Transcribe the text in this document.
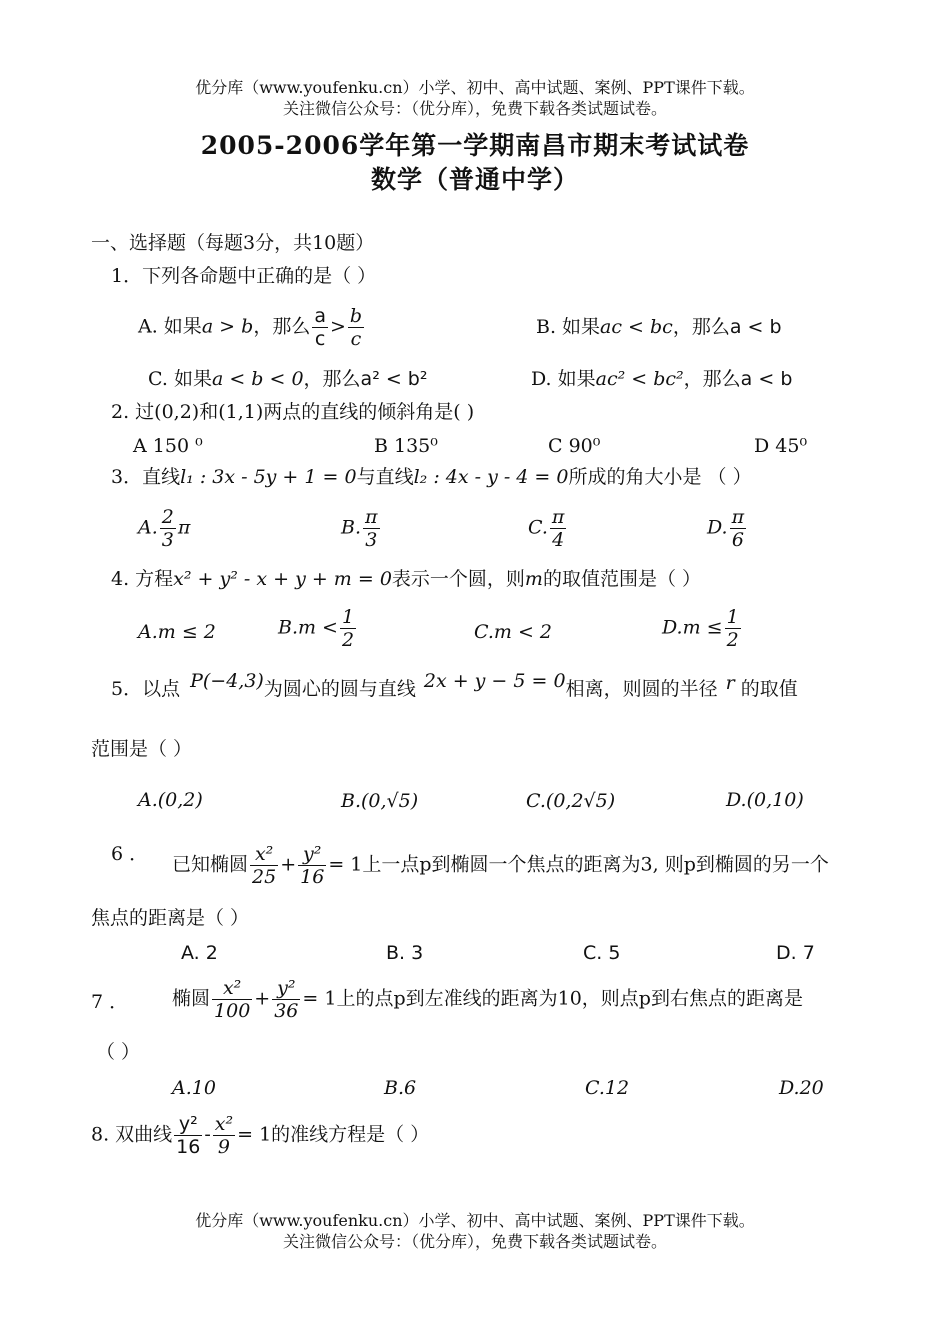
优分库（www.youfenku.cn）小学、初中、高中试题、案例、PPT课件下载。
关注微信公众号：（优分库），免费下载各类试题试卷。
2005-2006学年第一学期南昌市期末考试试卷
数学（普通中学）
一、选择题（每题3分，共10题）
1．下列各命题中正确的是（ ）
A. 如果a > b，那么 $\frac{a}{c} > \frac{b}{c}$	B. 如果ac < bc，那么a < b
C. 如果a < b < 0，那么a² < b²	D. 如果ac² < bc²，那么a < b
2. 过(0,2)和(1,1)两点的直线的倾斜角是( )
A 150 ⁰	B 135⁰	C 90⁰	D 45⁰
3．直线l₁ : 3x - 5y + 1 = 0与直线l₂ : 4x - y - 4 = 0所成的角大小是 （ ）
A. $\frac{2}{3}$ π	B. $\frac{\pi}{3}$	C. $\frac{\pi}{4}$	D. $\frac{\pi}{6}$
4. 方程x² + y² - x + y + m = 0表示一个圆，则m的取值范围是（ ）
A.m ≤ 2	$B.m < \frac{1}{2}$	C.m < 2	$D.m \le \frac{1}{2}$
5．以点 P(−4,3)为圆心的圆与直线 2x + y − 5 = 0相离，则圆的半径 r 的取值
范围是（ ）
A.(0,2)	B.(0,√5)	C.(0,2√5)	D.(0,10)
6 ． 已知椭圆 $\frac{\text{x²}}{25} + \frac{\text{y²}}{16} = 1$上一点p到椭圆一个焦点的距离为3, 则p到椭圆的另一个
焦点的距离是（ ）
A. 2	B. 3	C. 5	D. 7
7 ． 椭圆 $\frac{\text{x²}}{100} + \frac{\text{y²}}{36} = 1$上的点p到左准线的距离为10，则点p到右焦点的距离是
（ ）
A.10	B.6	C.12	D.20
8. 双曲线 $\frac{\text{y²}}{16} - \frac{\text{x²}}{9} = 1$的准线方程是（ ）
优分库（www.youfenku.cn）小学、初中、高中试题、案例、PPT课件下载。
关注微信公众号：（优分库），免费下载各类试题试卷。
